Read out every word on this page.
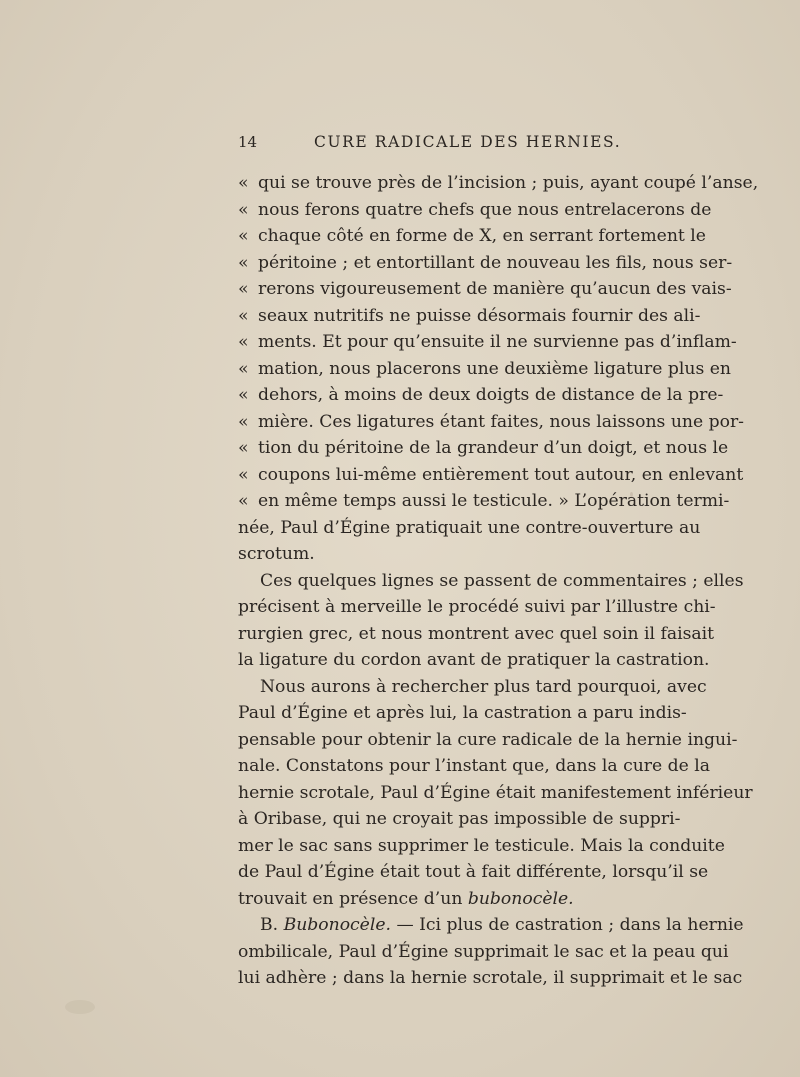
14	CURE RADICALE DES HERNIES.
« qui se trouve près de l’incision ; puis, ayant coupé l’anse,
« nous ferons quatre chefs que nous entrelacerons de
« chaque côté en forme de X, en serrant fortement le
« péritoine ; et entortillant de nouveau les fils, nous ser-
« rerons vigoureusement de manière qu’aucun des vais-
« seaux nutritifs ne puisse désormais fournir des ali-
« ments. Et pour qu’ensuite il ne survienne pas d’inflam-
« mation, nous placerons une deuxième ligature plus en
« dehors, à moins de deux doigts de distance de la pre-
« mière. Ces ligatures étant faites, nous laissons une por-
« tion du péritoine de la grandeur d’un doigt, et nous le
« coupons lui-même entièrement tout autour, en enlevant
« en même temps aussi le testicule. » L’opération termi-
née, Paul d’Égine pratiquait une contre-ouverture au
scrotum.
Ces quelques lignes se passent de commentaires ; elles
précisent à merveille le procédé suivi par l’illustre chi-
rurgien grec, et nous montrent avec quel soin il faisait
la ligature du cordon avant de pratiquer la castration.
Nous aurons à rechercher plus tard pourquoi, avec
Paul d’Égine et après lui, la castration a paru indis-
pensable pour obtenir la cure radicale de la hernie ingui-
nale. Constatons pour l’instant que, dans la cure de la
hernie scrotale, Paul d’Égine était manifestement inférieur
à Oribase, qui ne croyait pas impossible de suppri-
mer le sac sans supprimer le testicule. Mais la conduite
de Paul d’Égine était tout à fait différente, lorsqu’il se
trouvait en présence d’un bubonocèle.
B. Bubonocèle. — Ici plus de castration ; dans la hernie
ombilicale, Paul d’Égine supprimait le sac et la peau qui
lui adhère ; dans la hernie scrotale, il supprimait et le sac
